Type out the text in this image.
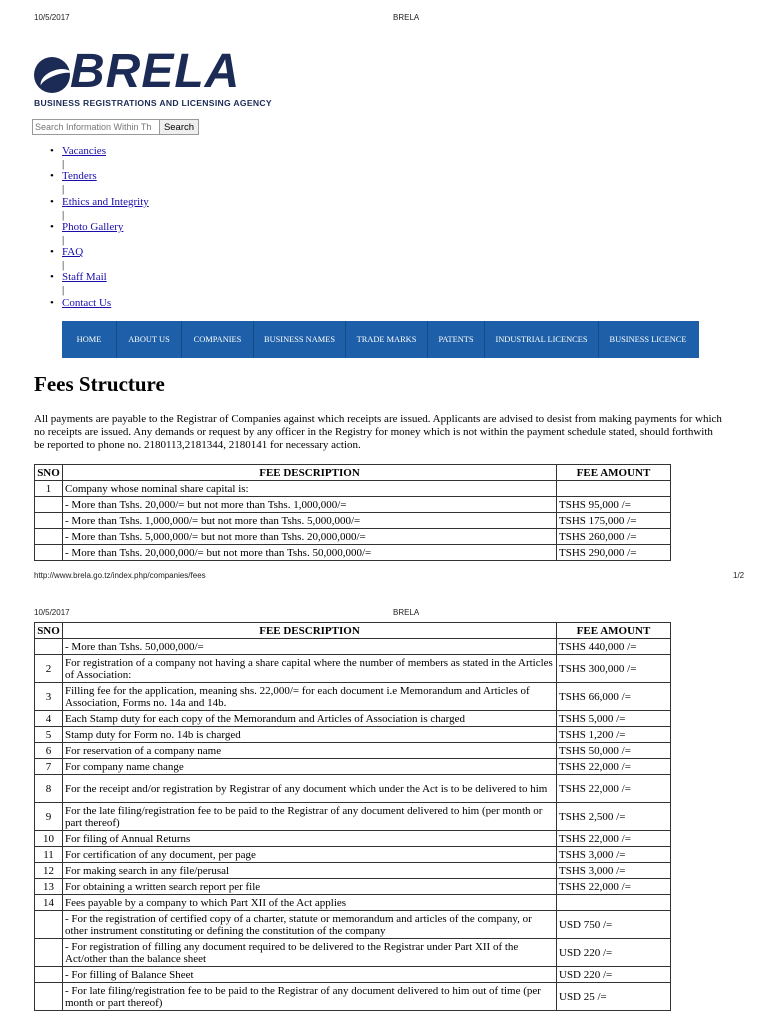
10/5/2017	BRELA
BRELA
BUSINESS REGISTRATIONS AND LICENSING AGENCY
Search Information Within Th
Search
• Vacancies
|
• Tenders
|
• Ethics and Integrity
|
• Photo Gallery
|
• FAQ
|
• Staff Mail
|
• Contact Us
HOME	ABOUT US	COMPANIES	BUSINESS NAMES	TRADE MARKS	PATENTS	INDUSTRIAL LICENCES	BUSINESS LICENCE
Fees Structure

All payments are payable to the Registrar of Companies against which receipts are issued. Applicants are advised to desist from making payments for which no receipts are issued. Any demands or request by any officer in the Registry for money which is not within the payment schedule stated, should forthwith be reported to phone no. 2180113,2181344, 2180141 for necessary action.

SNO	FEE DESCRIPTION	FEE AMOUNT
1	Company whose nominal share capital is:	
	- More than Tshs. 20,000/= but not more than Tshs. 1,000,000/=	TSHS 95,000 /=
	- More than Tshs. 1,000,000/= but not more than Tshs. 5,000,000/=	TSHS 175,000 /=
	- More than Tshs. 5,000,000/= but not more than Tshs. 20,000,000/=	TSHS 260,000 /=
	- More than Tshs. 20,000,000/= but not more than Tshs. 50,000,000/=	TSHS 290,000 /=
http://www.brela.go.tz/index.php/companies/fees	1/2
10/5/2017	BRELA
SNO	FEE DESCRIPTION	FEE AMOUNT
	- More than Tshs. 50,000,000/=	TSHS 440,000 /=
2	For registration of a company not having a share capital where the number of members as stated in the Articles of Association:	TSHS 300,000 /=
3	Filling fee for the application, meaning shs. 22,000/= for each document i.e Memorandum and Articles of Association, Forms no. 14a and 14b.	TSHS 66,000 /=
4	Each Stamp duty for each copy of the Memorandum and Articles of Association is charged	TSHS 5,000 /=
5	Stamp duty for Form no. 14b is charged	TSHS 1,200 /=
6	For reservation of a company name	TSHS 50,000 /=
7	For company name change	TSHS 22,000 /=
8	For the receipt and/or registration by Registrar of any document which under the Act is to be delivered to him	TSHS 22,000 /=
9	For the late filing/registration fee to be paid to the Registrar of any document delivered to him (per month or part thereof)	TSHS 2,500 /=
10	For filing of Annual Returns	TSHS 22,000 /=
11	For certification of any document, per page	TSHS 3,000 /=
12	For making search in any file/perusal	TSHS 3,000 /=
13	For obtaining a written search report per file	TSHS 22,000 /=
14	Fees payable by a company to which Part XII of the Act applies	
	- For the registration of certified copy of a charter, statute or memorandum and articles of the company, or other instrument constituting or defining the constitution of the company	USD 750 /=
	- For registration of filling any document required to be delivered to the Registrar under Part XII of the Act/other than the balance sheet	USD 220 /=
	- For filling of Balance Sheet	USD 220 /=
	- For late filing/registration fee to be paid to the Registrar of any document delivered to him out of time (per month or part thereof)	USD 25 /=
